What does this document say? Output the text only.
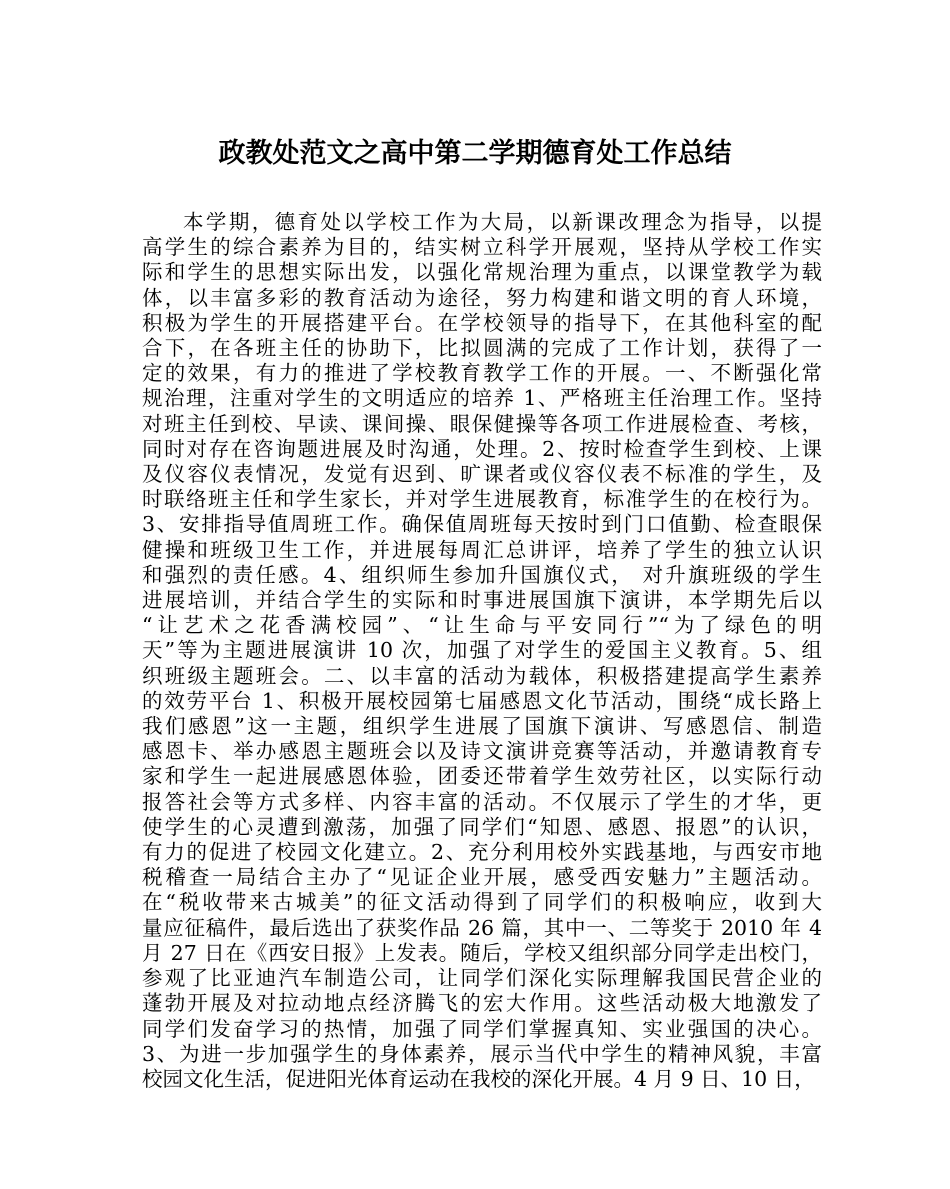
政教处范文之高中第二学期德育处工作总结
本学期，德育处以学校工作为大局，以新课改理念为指导，以提
高学生的综合素养为目的，结实树立科学开展观，坚持从学校工作实
际和学生的思想实际出发，以强化常规治理为重点，以课堂教学为载
体，以丰富多彩的教育活动为途径，努力构建和谐文明的育人环境，
积极为学生的开展搭建平台。在学校领导的指导下，在其他科室的配
合下，在各班主任的协助下，比拟圆满的完成了工作计划，获得了一
定的效果，有力的推进了学校教育教学工作的开展。一、不断强化常
规治理，注重对学生的文明适应的培养 1、严格班主任治理工作。坚持
对班主任到校、早读、课间操、眼保健操等各项工作进展检查、考核，
同时对存在咨询题进展及时沟通，处理。2、按时检查学生到校、上课
及仪容仪表情况，发觉有迟到、旷课者或仪容仪表不标准的学生，及
时联络班主任和学生家长，并对学生进展教育，标准学生的在校行为。
3、安排指导值周班工作。确保值周班每天按时到门口值勤、检查眼保
健操和班级卫生工作，并进展每周汇总讲评，培养了学生的独立认识
和强烈的责任感。4、组织师生参加升国旗仪式， 对升旗班级的学生
进展培训，并结合学生的实际和时事进展国旗下演讲，本学期先后以
“让艺术之花香满校园”、“让生命与平安同行”“为了绿色的明
天”等为主题进展演讲 10 次，加强了对学生的爱国主义教育。5、组
织班级主题班会。二、以丰富的活动为载体，积极搭建提高学生素养
的效劳平台 1、积极开展校园第七届感恩文化节活动，围绕“成长路上
我们感恩”这一主题，组织学生进展了国旗下演讲、写感恩信、制造
感恩卡、举办感恩主题班会以及诗文演讲竞赛等活动，并邀请教育专
家和学生一起进展感恩体验，团委还带着学生效劳社区，以实际行动
报答社会等方式多样、内容丰富的活动。不仅展示了学生的才华，更
使学生的心灵遭到激荡，加强了同学们“知恩、感恩、报恩”的认识，
有力的促进了校园文化建立。2、充分利用校外实践基地，与西安市地
税稽查一局结合主办了“见证企业开展，感受西安魅力”主题活动。
在“税收带来古城美”的征文活动得到了同学们的积极响应，收到大
量应征稿件，最后选出了获奖作品 26 篇，其中一、二等奖于 2010 年 4
月 27 日在《西安日报》上发表。随后，学校又组织部分同学走出校门，
参观了比亚迪汽车制造公司，让同学们深化实际理解我国民营企业的
蓬勃开展及对拉动地点经济腾飞的宏大作用。这些活动极大地激发了
同学们发奋学习的热情，加强了同学们掌握真知、实业强国的决心。
3、为进一步加强学生的身体素养，展示当代中学生的精神风貌，丰富
校园文化生活，促进阳光体育运动在我校的深化开展。4 月 9 日、10 日，
